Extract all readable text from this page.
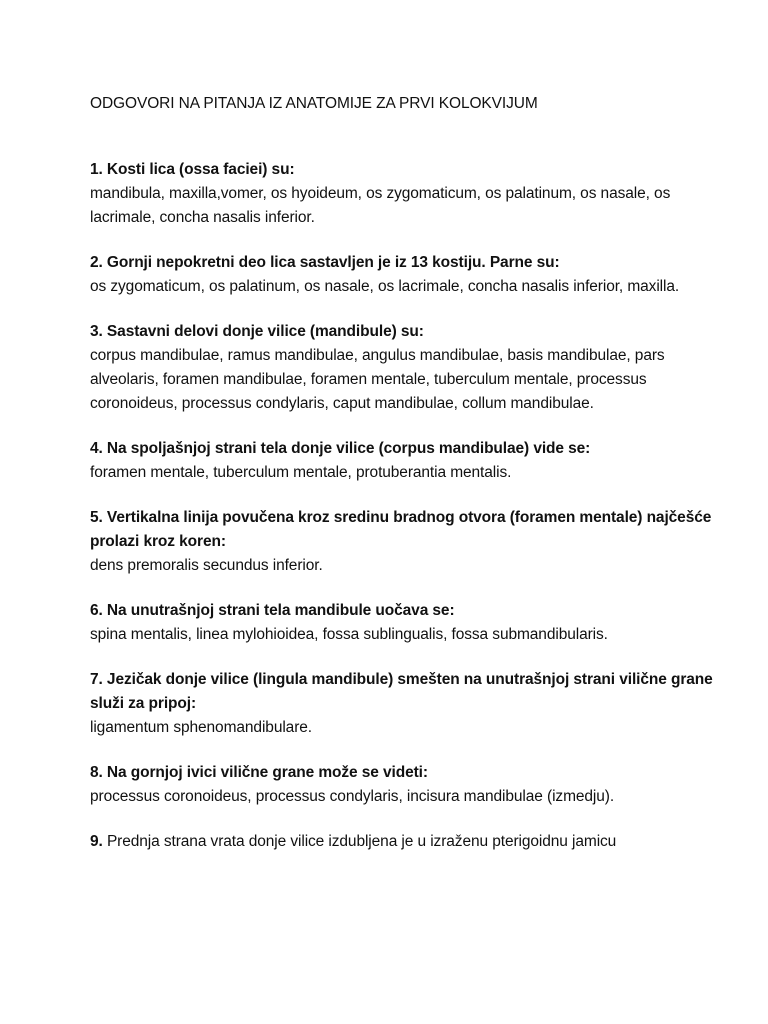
ODGOVORI NA PITANJA IZ ANATOMIJE ZA PRVI KOLOKVIJUM

1. Kosti lica (ossa faciei) su:

mandibula, maxilla,vomer, os hyoideum, os zygomaticum, os palatinum, os nasale, os lacrimale, concha nasalis inferior.

2. Gornji nepokretni deo lica sastavljen je iz 13 kostiju. Parne su:

os zygomaticum, os palatinum, os nasale, os lacrimale, concha nasalis inferior, maxilla.

3. Sastavni delovi donje vilice (mandibule) su:

corpus mandibulae, ramus mandibulae, angulus mandibulae, basis mandibulae, pars alveolaris, foramen mandibulae, foramen mentale, tuberculum mentale, processus coronoideus, processus condylaris, caput mandibulae, collum mandibulae.

4. Na spoljašnjoj strani tela donje vilice (corpus mandibulae) vide se:

foramen mentale, tuberculum mentale, protuberantia mentalis.

5. Vertikalna linija povučena kroz sredinu bradnog otvora (foramen mentale) najčešće prolazi kroz koren:

dens premoralis secundus inferior.

6. Na unutrašnjoj strani tela mandibule uočava se:

spina mentalis, linea mylohioidea, fossa sublingualis, fossa submandibularis.

7. Jezičak donje vilice (lingula mandibule) smešten na unutrašnjoj strani vilične grane služi za pripoj:

ligamentum sphenomandibulare.

8. Na gornjoj ivici vilične grane može se videti:

processus coronoideus, processus condylaris, incisura mandibulae (izmedju).

9. Prednja strana vrata donje vilice izdubljena je u izraženu pterigoidnu jamicu
